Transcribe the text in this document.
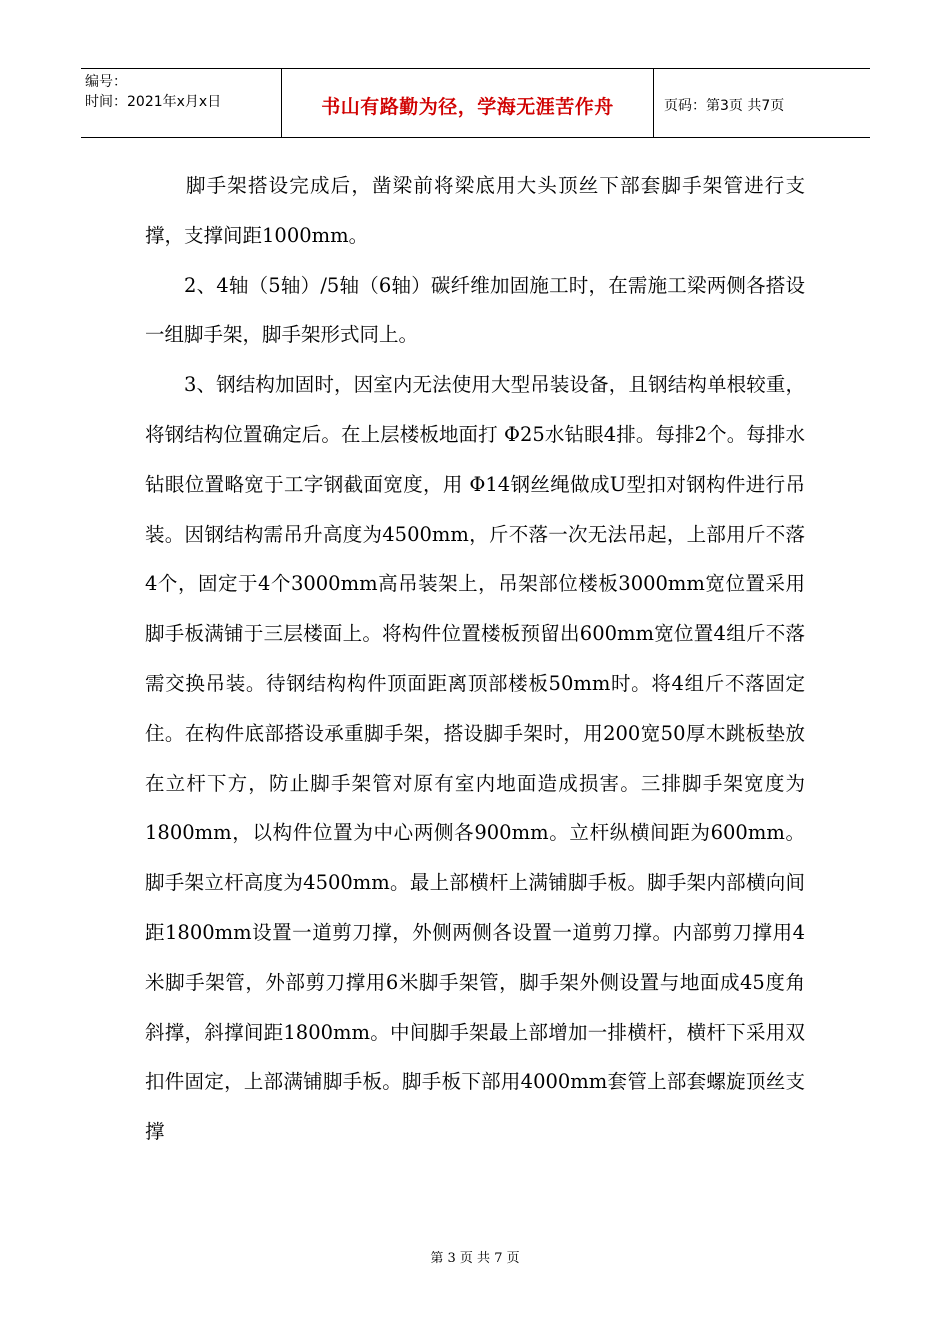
编号：
时间：2021年x月x日	书山有路勤为径，学海无涯苦作舟	页码：第3页 共7页

脚手架搭设完成后，凿梁前将梁底用大头顶丝下部套脚手架管进行支撑，支撑间距1000mm。

2、4轴（5轴）/5轴（6轴）碳纤维加固施工时，在需施工梁两侧各搭设一组脚手架，脚手架形式同上。

3、钢结构加固时，因室内无法使用大型吊装设备，且钢结构单根较重，将钢结构位置确定后。在上层楼板地面打 Φ25水钻眼4排。每排2个。每排水钻眼位置略宽于工字钢截面宽度，用 Φ14钢丝绳做成U型扣对钢构件进行吊装。因钢结构需吊升高度为4500mm，斤不落一次无法吊起，上部用斤不落4个，固定于4个3000mm高吊装架上，吊架部位楼板3000mm宽位置采用脚手板满铺于三层楼面上。将构件位置楼板预留出600mm宽位置4组斤不落需交换吊装。待钢结构构件顶面距离顶部楼板50mm时。将4组斤不落固定住。在构件底部搭设承重脚手架，搭设脚手架时，用200宽50厚木跳板垫放在立杆下方，防止脚手架管对原有室内地面造成损害。三排脚手架宽度为1800mm，以构件位置为中心两侧各900mm。立杆纵横间距为600mm。脚手架立杆高度为4500mm。最上部横杆上满铺脚手板。脚手架内部横向间距1800mm设置一道剪刀撑，外侧两侧各设置一道剪刀撑。内部剪刀撑用4米脚手架管，外部剪刀撑用6米脚手架管，脚手架外侧设置与地面成45度角斜撑，斜撑间距1800mm。中间脚手架最上部增加一排横杆，横杆下采用双扣件固定，上部满铺脚手板。脚手板下部用4000mm套管上部套螺旋顶丝支撑

第 3 页 共 7 页
